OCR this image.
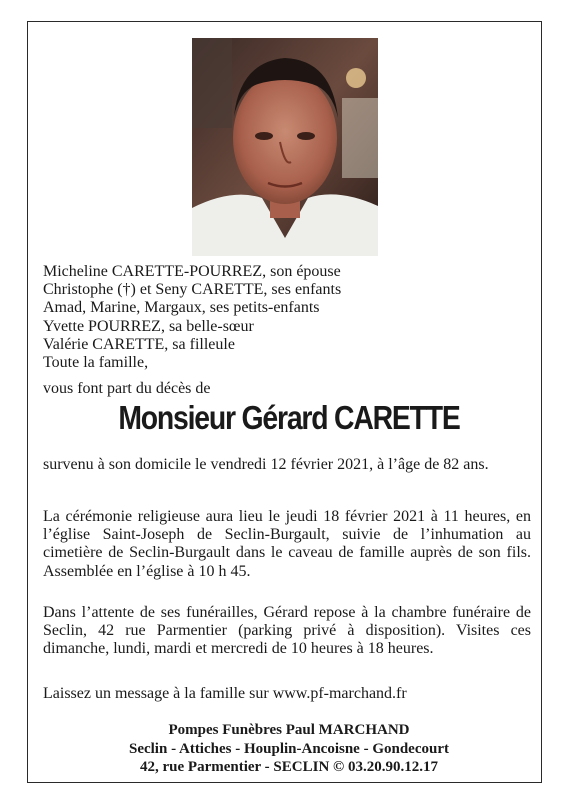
Micheline CARETTE-POURREZ, son épouse
Christophe (†) et Seny CARETTE, ses enfants
Amad, Marine, Margaux, ses petits-enfants
Yvette POURREZ, sa belle-sœur
Valérie CARETTE, sa filleule
Toute la famille,
vous font part du décès de
Monsieur Gérard CARETTE
survenu à son domicile le vendredi 12 février 2021, à l’âge de 82 ans.
La cérémonie religieuse aura lieu le jeudi 18 février 2021 à 11 heures, en l’église Saint-Joseph de Seclin-Burgault, suivie de l’inhumation au cimetière de Seclin-Burgault dans le caveau de famille auprès de son fils. Assemblée en l’église à 10 h 45.
Dans l’attente de ses funérailles, Gérard repose à la chambre funéraire de Seclin, 42 rue Parmentier (parking privé à disposition). Visites ces dimanche, lundi, mardi et mercredi de 10 heures à 18 heures.
Laissez un message à la famille sur www.pf-marchand.fr
Pompes Funèbres Paul MARCHAND
Seclin - Attiches - Houplin-Ancoisne - Gondecourt
42, rue Parmentier - SECLIN © 03.20.90.12.17
